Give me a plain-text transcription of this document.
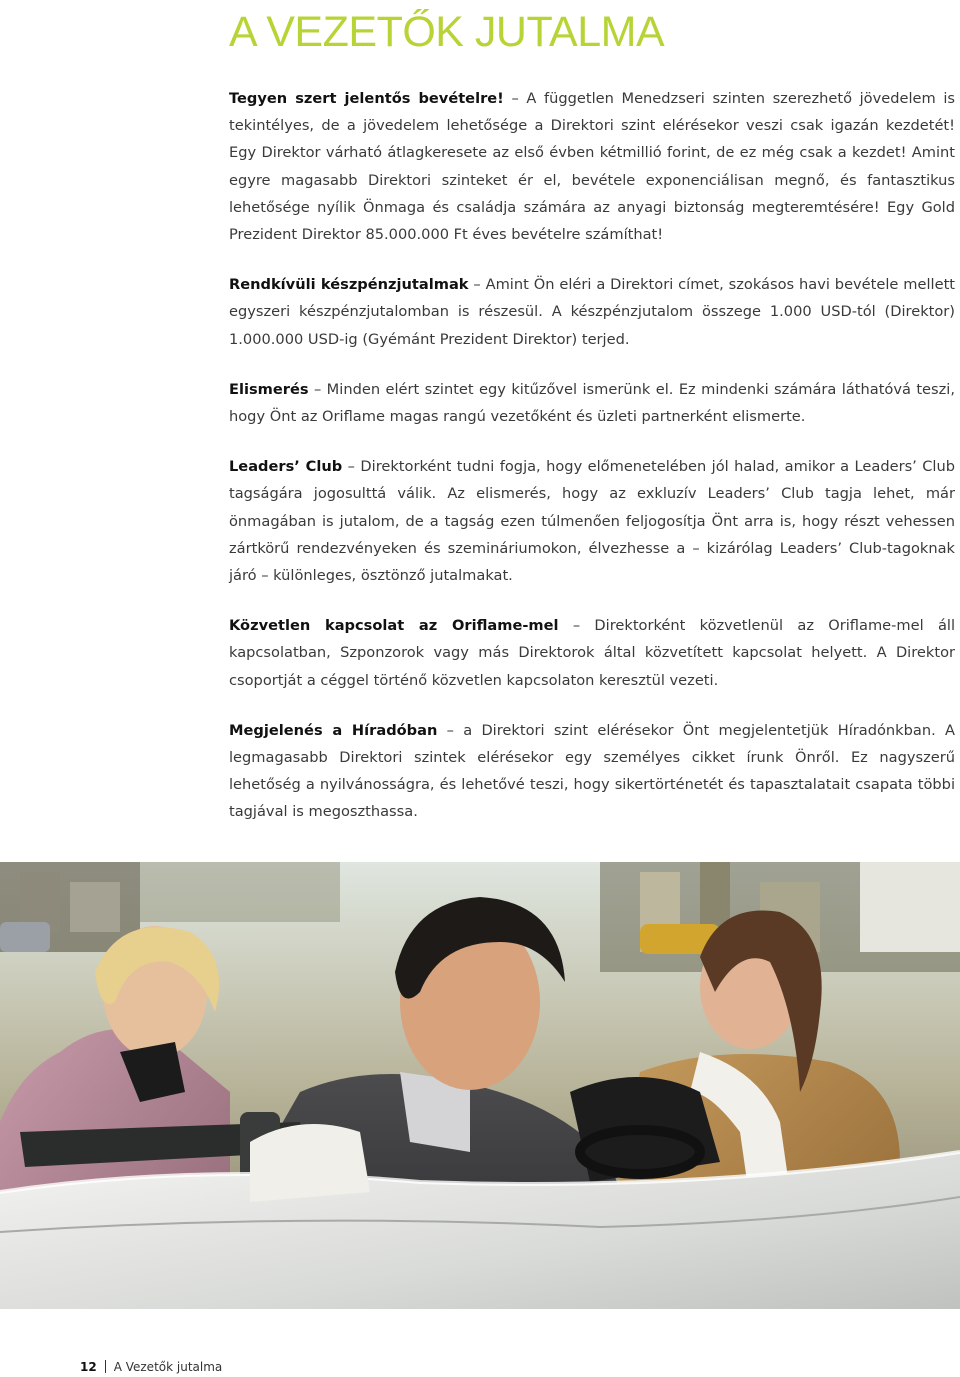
A VEZETŐK JUTALMA

Tegyen szert jelentős bevételre! – A független Menedzseri szinten szerezhető jövedelem is tekintélyes, de a jövedelem lehetősége a Direktori szint elérésekor veszi csak igazán kezdetét! Egy Direktor várható átlagkeresete az első évben kétmillió forint, de ez még csak a kezdet! Amint egyre magasabb Direktori szinteket ér el, bevétele exponenciálisan megnő, és fantasztikus lehetősége nyílik Önmaga és családja számára az anyagi biztonság megteremtésére! Egy Gold Prezident Direktor 85.000.000 Ft éves bevételre számíthat!

Rendkívüli készpénzjutalmak – Amint Ön eléri a Direktori címet, szokásos havi bevétele mellett egyszeri készpénzjutalomban is részesül. A készpénzjutalom összege 1.000 USD-tól (Direktor) 1.000.000 USD-ig (Gyémánt Prezident Direktor) terjed.

Elismerés – Minden elért szintet egy kitűzővel ismerünk el. Ez mindenki számára láthatóvá teszi, hogy Önt az Oriflame magas rangú vezetőként és üzleti partnerként elismerte.

Leaders’ Club – Direktorként tudni fogja, hogy előmenetelében jól halad, amikor a Leaders’ Club tagságára jogosulttá válik. Az elismerés, hogy az exkluzív Leaders’ Club tagja lehet, már önmagában is jutalom, de a tagság ezen túlmenően feljogosítja Önt arra is, hogy részt vehessen zártkörű rendezvényeken és szemináriumokon, élvezhesse a – kizárólag Leaders’ Club-tagoknak járó – különleges, ösztönző jutalmakat.

Közvetlen kapcsolat az Oriflame-mel – Direktorként közvetlenül az Oriflame-mel áll kapcsolatban, Szponzorok vagy más Direktorok által közvetített kapcsolat helyett. A Direktor csoportját a céggel történő közvetlen kapcsolaton keresztül vezeti.

Megjelenés a Híradóban – a Direktori szint elérésekor Önt megjelentetjük Híradónkban. A legmagasabb Direktori szintek elérésekor egy személyes cikket írunk Önről. Ez nagyszerű lehetőség a nyilvánosságra, és lehetővé teszi, hogy sikertörténetét és tapasztalatait csapata többi tagjával is megoszthassa.

12 A Vezetők jutalma
